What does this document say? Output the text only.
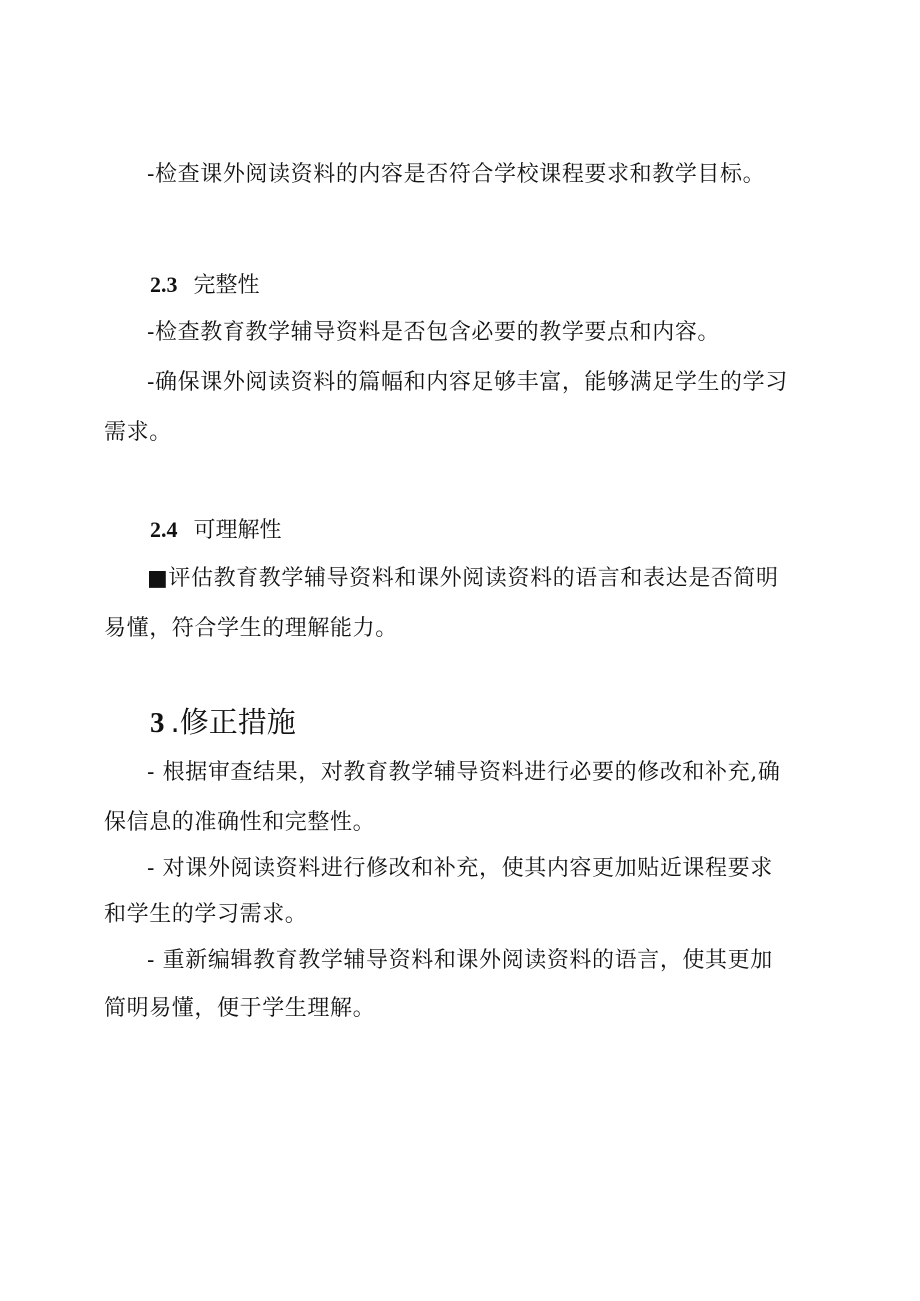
-检查课外阅读资料的内容是否符合学校课程要求和教学目标。
2.3 完整性
-检查教育教学辅导资料是否包含必要的教学要点和内容。
-确保课外阅读资料的篇幅和内容足够丰富，能够满足学生的学习
需求。
2.4 可理解性
■评估教育教学辅导资料和课外阅读资料的语言和表达是否简明
易懂，符合学生的理解能力。
3 .修正措施
- 根据审查结果，对教育教学辅导资料进行必要的修改和补充,确
保信息的准确性和完整性。
- 对课外阅读资料进行修改和补充，使其内容更加贴近课程要求
和学生的学习需求。
- 重新编辑教育教学辅导资料和课外阅读资料的语言，使其更加
简明易懂，便于学生理解。
